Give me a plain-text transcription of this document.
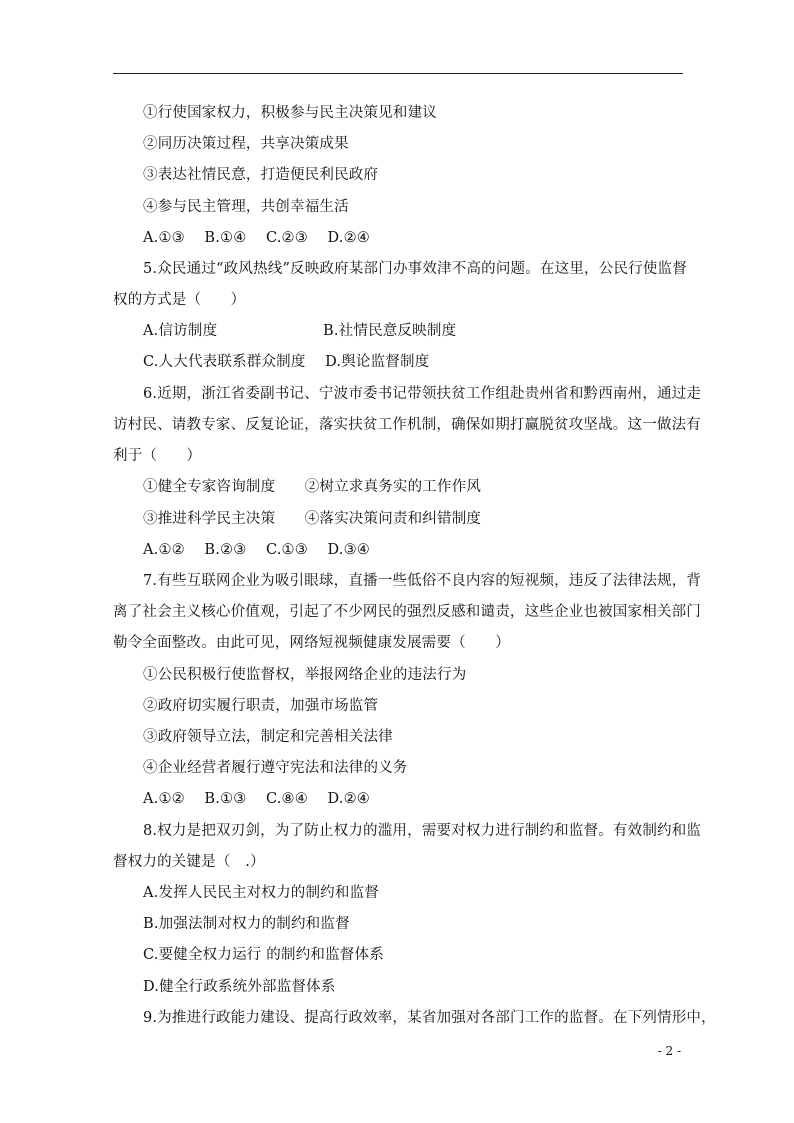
①行使国家权力，积极参与民主决策见和建议
②同历决策过程，共享决策成果
③表达社情民意，打造便民利民政府
④参与民主管理，共创幸福生活
A.①③　 B.①④　 C.②③　 D.②④
5.众民通过“政风热线”反映政府某部门办事效津不高的问题。在这里，公民行使监督
权的方式是（　　）
A.信访制度	B.社情民意反映制度
C.人大代表联系群众制度　 D.舆论监督制度
6.近期，浙江省委副书记、宁波市委书记带领扶贫工作组赴贵州省和黔西南州，通过走
访村民、请教专家、反复论证，落实扶贫工作机制，确保如期打赢脱贫攻坚战。这一做法有
利于（　　）
①健全专家咨询制度　　②树立求真务实的工作作风
③推进科学民主决策　　④落实决策问责和纠错制度
A.①②　 B.②③　 C.①③　 D.③④
7.有些互联网企业为吸引眼球，直播一些低俗不良内容的短视频，违反了法律法规，背
离了社会主义核心价值观，引起了不少网民的强烈反感和谴责，这些企业也被国家相关部门
勒令全面整改。由此可见，网络短视频健康发展需要（　　）
①公民积极行使监督权，举报网络企业的违法行为
②政府切实履行职责，加强市场监管
③政府领导立法，制定和完善相关法律
④企业经营者履行遵守宪法和法律的义务
A.①②　 B.①③　 C.⑧④　 D.②④
8.权力是把双刃剑，为了防止权力的滥用，需要对权力进行制约和监督。有效制约和监
督权力的关键是（　.）
A.发挥人民民主对权力的制约和监督
B.加强法制对权力的制约和监督
C.要健全权力运行 的制约和监督体系
D.健全行政系统外部监督体系
9.为推进行政能力建设、提高行政效率，某省加强对各部门工作的监督。在下列情形中，
- 2 -
